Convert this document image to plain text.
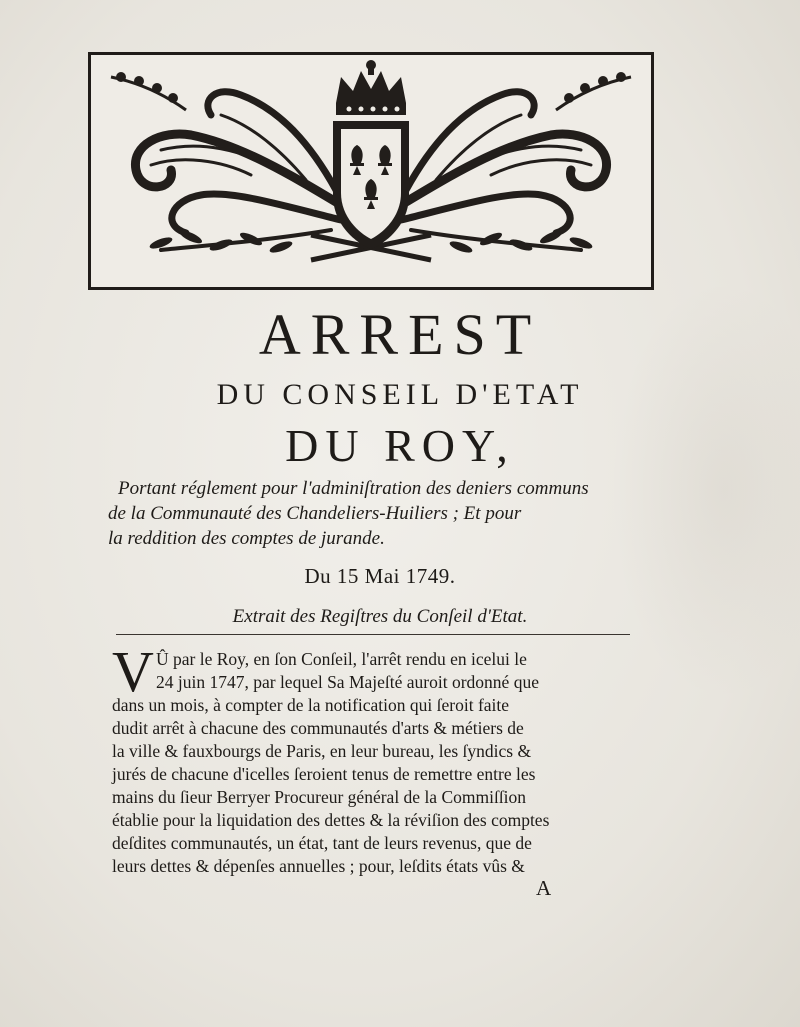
ARREST
DU CONSEIL D'ETAT
DU ROY,
Portant réglement pour l'adminiſtration des deniers communs
de la Communauté des Chandeliers-Huiliers ; Et pour
la reddition des comptes de jurande.
Du 15 Mai 1749.
Extrait des Regiſtres du Conſeil d'Etat.
V Û par le Roy, en ſon Conſeil, l'arrêt rendu en icelui le
24 juin 1747, par lequel Sa Majeſté auroit ordonné que
dans un mois, à compter de la notification qui ſeroit faite
dudit arrêt à chacune des communautés d'arts & métiers de
la ville & fauxbourgs de Paris, en leur bureau, les ſyndics &
jurés de chacune d'icelles ſeroient tenus de remettre entre les
mains du ſieur Berryer Procureur général de la Commiſſion
établie pour la liquidation des dettes & la réviſion des comptes
deſdites communautés, un état, tant de leurs revenus, que de
leurs dettes & dépenſes annuelles ; pour, leſdits états vûs &
A
